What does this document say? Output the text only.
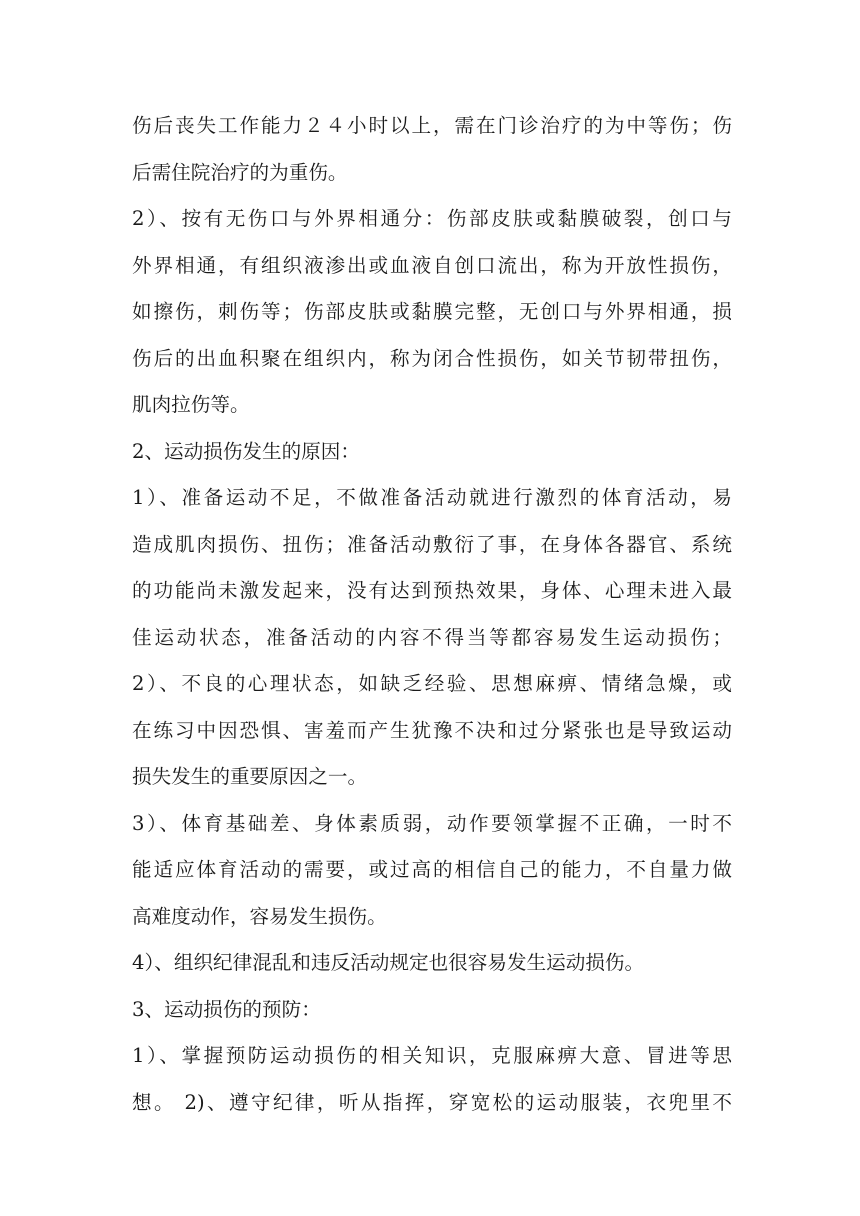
伤后丧失工作能力２４小时以上，需在门诊治疗的为中等伤；伤
后需住院治疗的为重伤。
2）、按有无伤口与外界相通分：伤部皮肤或黏膜破裂，创口与
外界相通，有组织液渗出或血液自创口流出，称为开放性损伤，
如擦伤，刺伤等；伤部皮肤或黏膜完整，无创口与外界相通，损
伤后的出血积聚在组织内，称为闭合性损伤，如关节韧带扭伤，
肌肉拉伤等。
2、运动损伤发生的原因：
1）、准备运动不足，不做准备活动就进行激烈的体育活动，易
造成肌肉损伤、扭伤；准备活动敷衍了事，在身体各器官、系统
的功能尚未激发起来，没有达到预热效果，身体、心理未进入最
佳运动状态，准备活动的内容不得当等都容易发生运动损伤；
2）、不良的心理状态，如缺乏经验、思想麻痹、情绪急燥，或
在练习中因恐惧、害羞而产生犹豫不决和过分紧张也是导致运动
损失发生的重要原因之一。
3）、体育基础差、身体素质弱，动作要领掌握不正确，一时不
能适应体育活动的需要，或过高的相信自己的能力，不自量力做
高难度动作，容易发生损伤。
4）、组织纪律混乱和违反活动规定也很容易发生运动损伤。
3、运动损伤的预防：
1）、掌握预防运动损伤的相关知识，克服麻痹大意、冒进等思
想。 2)、遵守纪律，听从指挥，穿宽松的运动服装，衣兜里不
